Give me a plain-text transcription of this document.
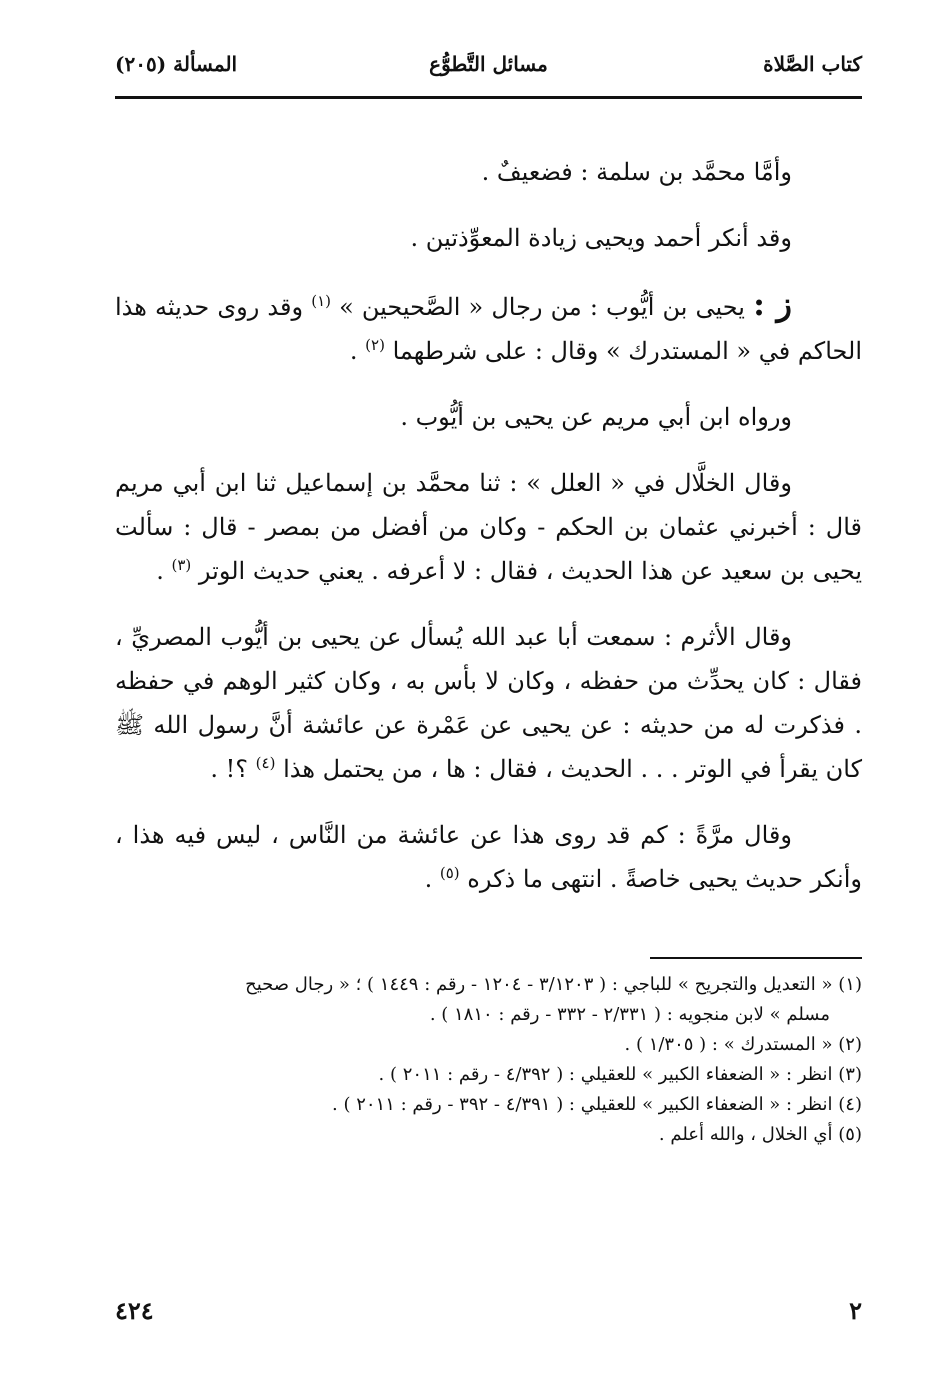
كتاب الصَّلاة
مسائل التَّطوُّع
المسألة (٢٠٥)

وأمَّا محمَّد بن سلمة : فضعيفٌ .

وقد أنكر أحمد ويحيى زيادة المعوِّذتين .

ز : يحيى بن أيُّوب : من رجال « الصَّحيحين » $^{(١)}$ وقد روى حديثه هذا الحاكم في « المستدرك » وقال : على شرطهما $^{(٢)}$ .

ورواه ابن أبي مريم عن يحيى بن أيُّوب .

وقال الخلَّال في « العلل » : ثنا محمَّد بن إسماعيل ثنا ابن أبي مريم قال : أخبرني عثمان بن الحكم - وكان من أفضل من بمصر - قال : سألت يحيى بن سعيد عن هذا الحديث ، فقال : لا أعرفه . يعني حديث الوتر $^{(٣)}$ .

وقال الأثرم : سمعت أبا عبد الله يُسأل عن يحيى بن أيُّوب المصريِّ ، فقال : كان يحدِّث من حفظه ، وكان لا بأس به ، وكان كثير الوهم في حفظه . فذكرت له من حديثه : عن يحيى عن عَمْرة عن عائشة أنَّ رسول الله ﷺ كان يقرأ في الوتر . . . الحديث ، فقال : ها ، من يحتمل هذا $^{(٤)}$ ؟! .

وقال مرَّةً : كم قد روى هذا عن عائشة من النَّاس ، ليس فيه هذا ، وأنكر حديث يحيى خاصةً . انتهى ما ذكره $^{(٥)}$ .

(١) « التعديل والتجريح » للباجي : ( ٣/١٢٠٣ - ١٢٠٤ - رقم : ١٤٤٩ ) ؛ « رجال صحيح

مسلم » لابن منجويه : ( ٢/٣٣١ - ٣٣٢ - رقم : ١٨١٠ ) .

(٢) « المستدرك » : ( ١/٣٠٥ ) .

(٣) انظر : « الضعفاء الكبير » للعقيلي : ( ٤/٣٩٢ - رقم : ٢٠١١ ) .

(٤) انظر : « الضعفاء الكبير » للعقيلي : ( ٤/٣٩١ - ٣٩٢ - رقم : ٢٠١١ ) .

(٥) أي الخلال ، والله أعلم .

٤٢٤	٢
